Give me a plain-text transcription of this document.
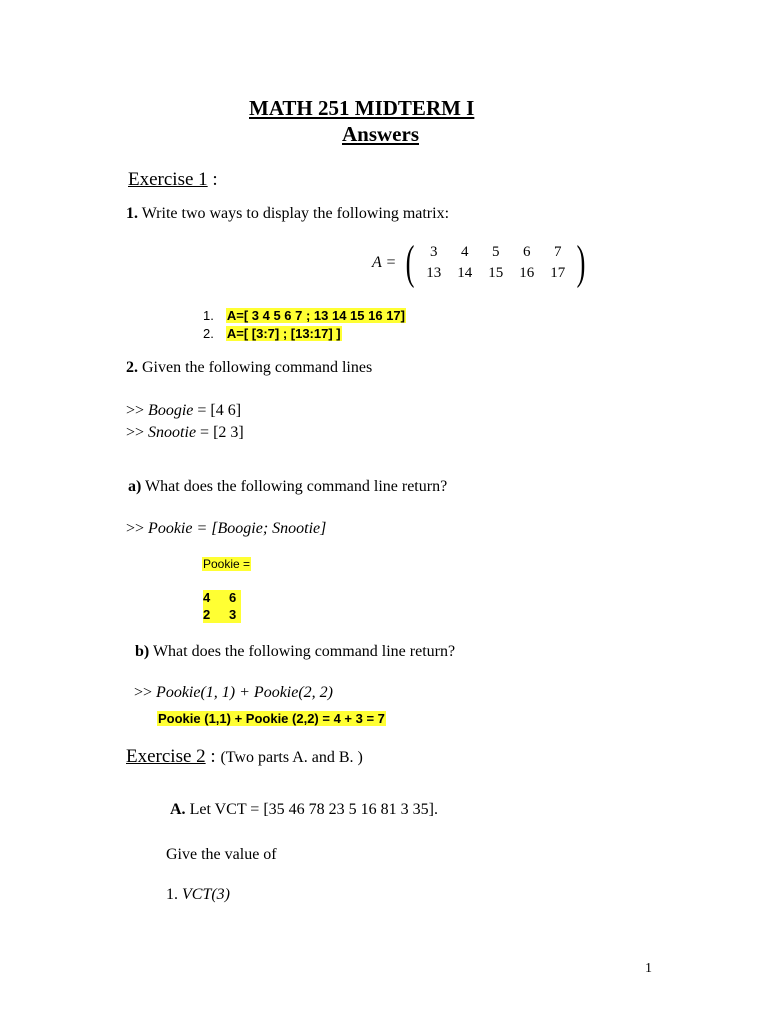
MATH 251 MIDTERM I
Answers
Exercise 1 :
1. Write two ways to display the following matrix:
A = (	3	4	5	6	7
13	14	15	16	17 )
1. A=[ 3 4 5 6 7 ; 13 14 15 16 17]
2. A=[ [3:7] ; [13:17] ]
2. Given the following command lines
>> Boogie = [4 6]
>> Snootie = [2 3]
a) What does the following command line return?
>> Pookie = [Boogie; Snootie]
Pookie =
4	6
2	3
b) What does the following command line return?
>> Pookie(1, 1) + Pookie(2, 2)
Pookie (1,1) + Pookie (2,2) = 4 + 3 = 7
Exercise 2 : (Two parts A. and B. )
A. Let VCT = [35 46 78 23 5 16 81 3 35].
Give the value of
1. VCT(3)
1
